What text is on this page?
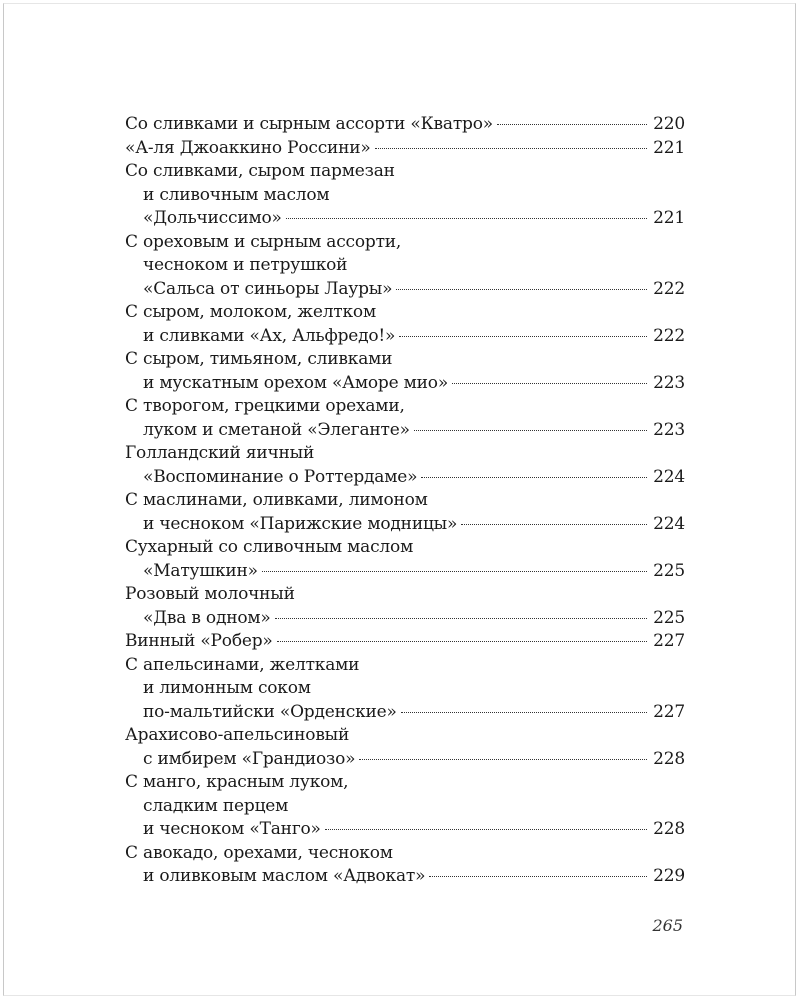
Со сливками и сырным ассорти «Кватро»	220
«А-ля Джоаккино Россини»	221
Со сливками, сыром пармезан
и сливочным маслом
«Дольчиссимо»	221
С ореховым и сырным ассорти,
чесноком и петрушкой
«Сальса от синьоры Лауры»	222
С сыром, молоком, желтком
и сливками «Ах, Альфредо!»	222
С сыром, тимьяном, сливками
и мускатным орехом «Аморе мио»	223
С творогом, грецкими орехами,
луком и сметаной «Элеганте»	223
Голландский яичный
«Воспоминание о Роттердаме»	224
С маслинами, оливками, лимоном
и чесноком «Парижские модницы»	224
Сухарный со сливочным маслом
«Матушкин»	225
Розовый молочный
«Два в одном»	225
Винный «Робер»	227
С апельсинами, желтками
и лимонным соком
по-мальтийски «Орденские»	227
Арахисово-апельсиновый
с имбирем «Грандиозо»	228
С манго, красным луком,
сладким перцем
и чесноком «Танго»	228
С авокадо, орехами, чесноком
и оливковым маслом «Адвокат»	229
265
